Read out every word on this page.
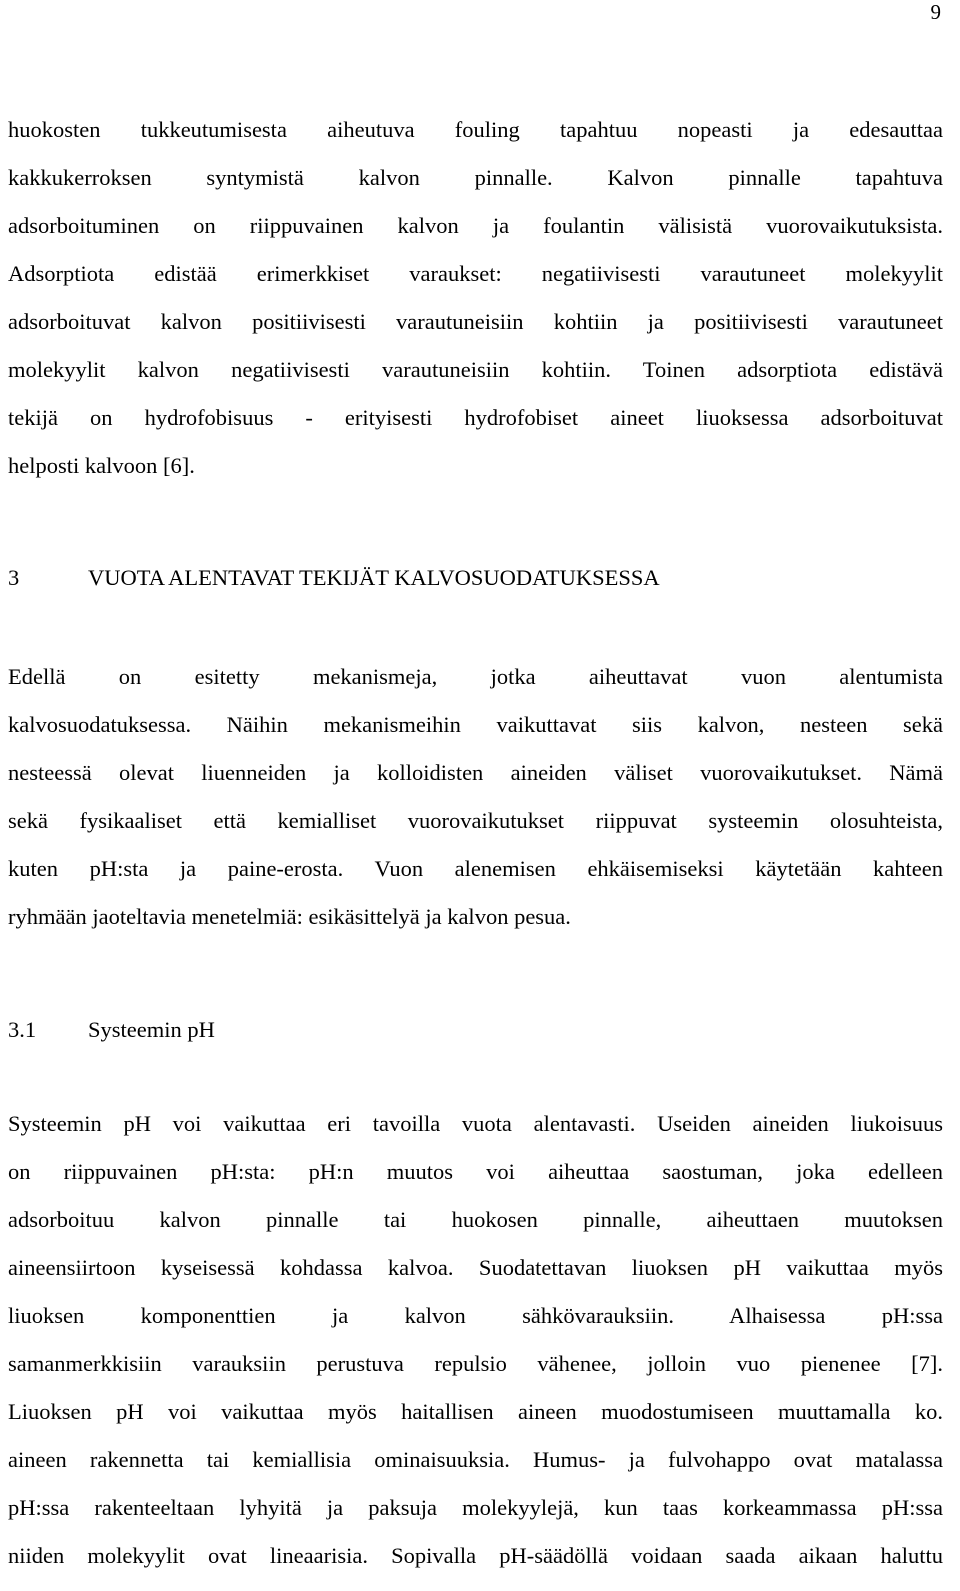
9
huokosten tukkeutumisesta aiheutuva fouling tapahtuu nopeasti ja edesauttaa
kakkukerroksen syntymistä kalvon pinnalle. Kalvon pinnalle tapahtuva
adsorboituminen on riippuvainen kalvon ja foulantin välisistä vuorovaikutuksista.
Adsorptiota edistää erimerkkiset varaukset: negatiivisesti varautuneet molekyylit
adsorboituvat kalvon positiivisesti varautuneisiin kohtiin ja positiivisesti varautuneet
molekyylit kalvon negatiivisesti varautuneisiin kohtiin. Toinen adsorptiota edistävä
tekijä on hydrofobisuus - erityisesti hydrofobiset aineet liuoksessa adsorboituvat
helposti kalvoon [6].
3	VUOTA ALENTAVAT TEKIJÄT KALVOSUODATUKSESSA
Edellä on esitetty mekanismeja, jotka aiheuttavat vuon alentumista
kalvosuodatuksessa. Näihin mekanismeihin vaikuttavat siis kalvon, nesteen sekä
nesteessä olevat liuenneiden ja kolloidisten aineiden väliset vuorovaikutukset. Nämä
sekä fysikaaliset että kemialliset vuorovaikutukset riippuvat systeemin olosuhteista,
kuten pH:sta ja paine-erosta. Vuon alenemisen ehkäisemiseksi käytetään kahteen
ryhmään jaoteltavia menetelmiä: esikäsittelyä ja kalvon pesua.
3.1 Systeemin pH
Systeemin pH voi vaikuttaa eri tavoilla vuota alentavasti. Useiden aineiden liukoisuus
on riippuvainen pH:sta: pH:n muutos voi aiheuttaa saostuman, joka edelleen
adsorboituu kalvon pinnalle tai huokosen pinnalle, aiheuttaen muutoksen
aineensiirtoon kyseisessä kohdassa kalvoa. Suodatettavan liuoksen pH vaikuttaa myös
liuoksen komponenttien ja kalvon sähkövarauksiin. Alhaisessa pH:ssa
samanmerkkisiin varauksiin perustuva repulsio vähenee, jolloin vuo pienenee [7].
Liuoksen pH voi vaikuttaa myös haitallisen aineen muodostumiseen muuttamalla ko.
aineen rakennetta tai kemiallisia ominaisuuksia. Humus- ja fulvohappo ovat matalassa
pH:ssa rakenteeltaan lyhyitä ja paksuja molekyylejä, kun taas korkeammassa pH:ssa
niiden molekyylit ovat lineaarisia. Sopivalla pH-säädöllä voidaan saada aikaan haluttu
